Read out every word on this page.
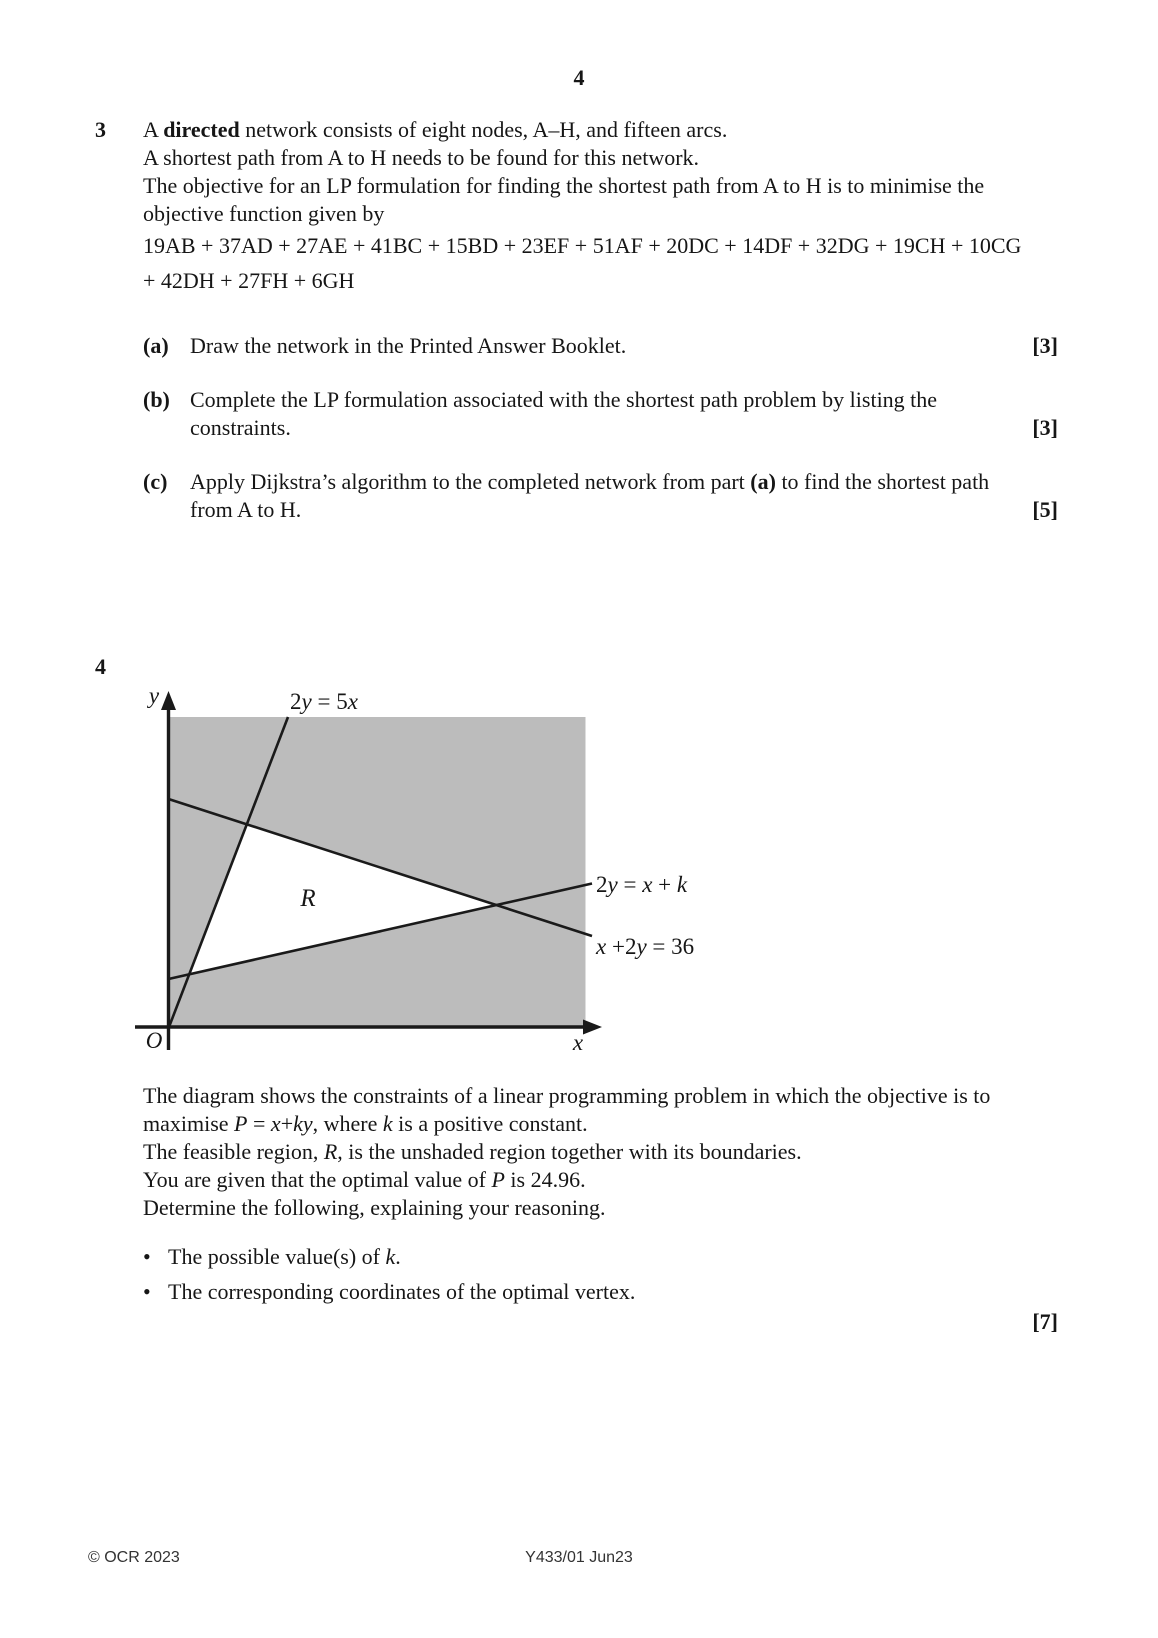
4
3	A directed network consists of eight nodes, A–H, and fifteen arcs.

A shortest path from A to H needs to be found for this network.

The objective for an LP formulation for finding the shortest path from A to H is to minimise the
objective function given by

19AB + 37AD + 27AE + 41BC + 15BD + 23EF + 51AF + 20DC + 14DF + 32DG + 19CH + 10CG
+ 42DH + 27FH + 6GH

(a) Draw the network in the Printed Answer Booklet.	[3]
(b) Complete the LP formulation associated with the shortest path problem by listing the
constraints.	[3]
(c)	Apply Dijkstra’s algorithm to the completed network from part (a) to find the shortest path
from A to H.	[5]
4
2y = 5x
2y = x + k
x +2y = 36
R
y
x
O

The diagram shows the constraints of a linear programming problem in which the objective is to
maximise P = x+ky, where k is a positive constant.

The feasible region, R, is the unshaded region together with its boundaries.

You are given that the optimal value of P is 24.96.

Determine the following, explaining your reasoning.

• The possible value(s) of k.
• The corresponding coordinates of the optimal vertex.
[7]
© OCR 2023	Y433/01 Jun23
